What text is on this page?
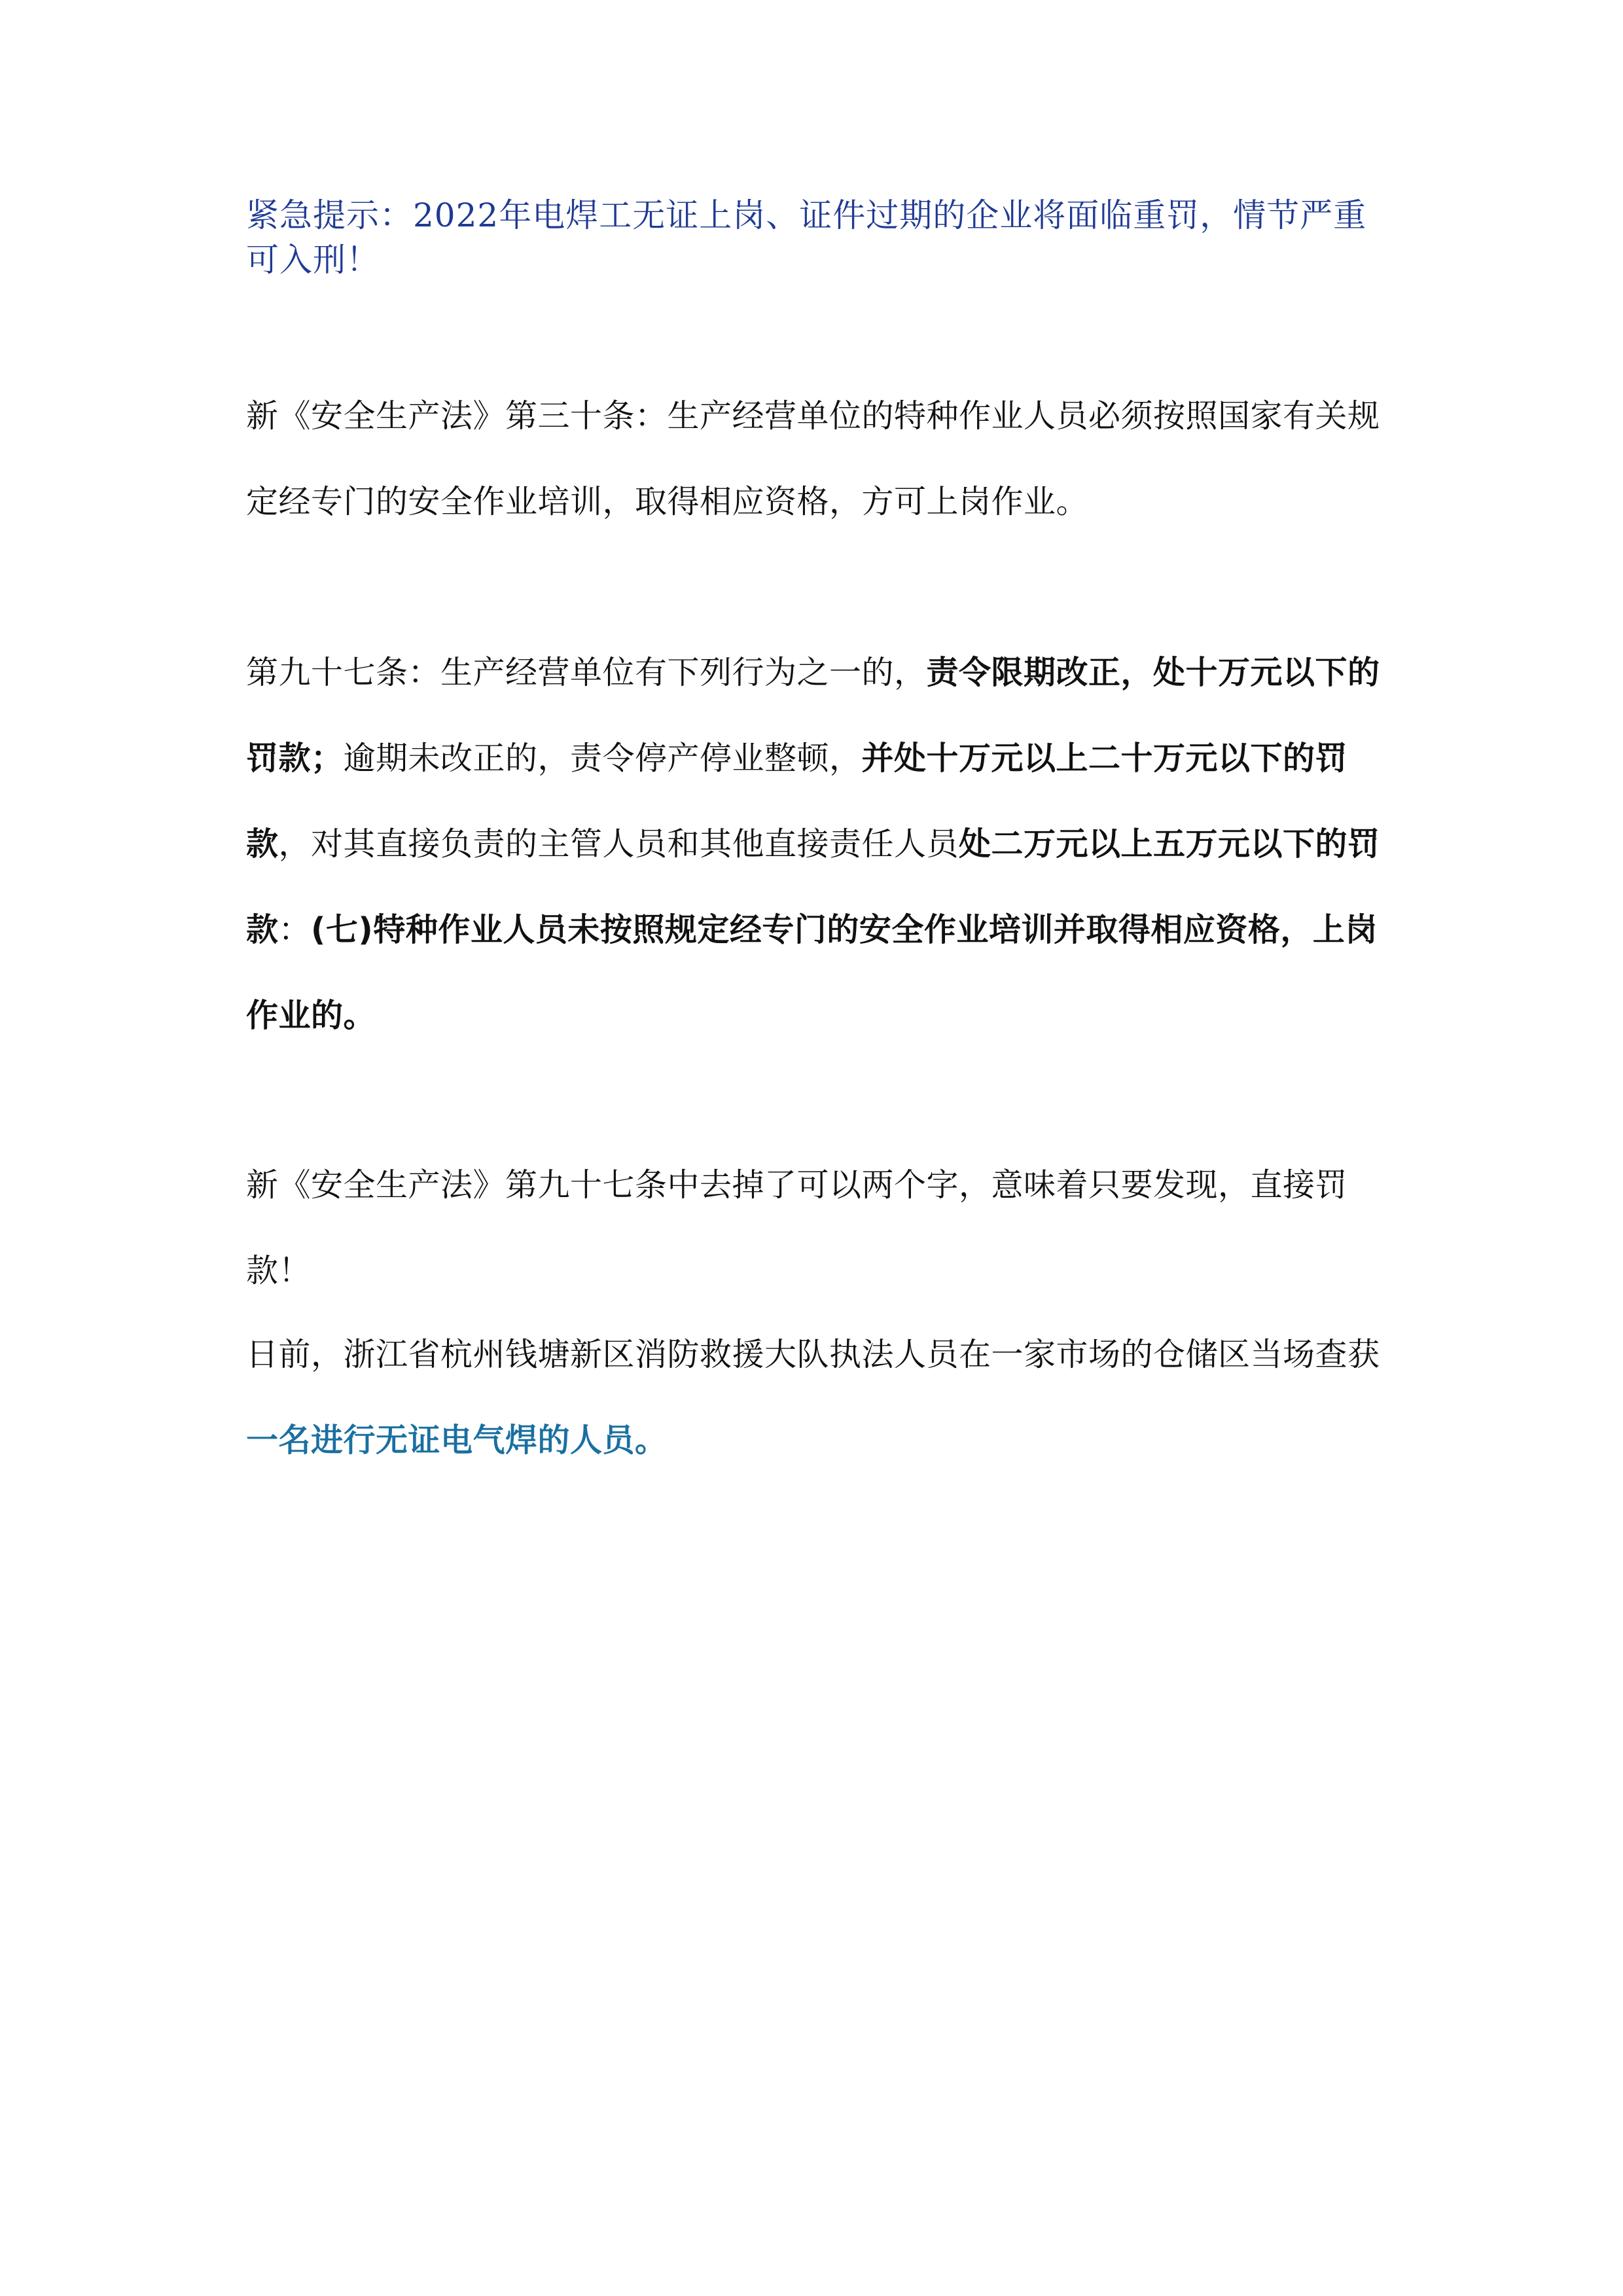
紧急提示：2022年电焊工无证上岗、证件过期的企业将面临重罚，情节严重可入刑！
新《安全生产法》第三十条：生产经营单位的特种作业人员必须按照国家有关规定经专门的安全作业培训，取得相应资格，方可上岗作业。
第九十七条：生产经营单位有下列行为之一的，责令限期改正，处十万元以下的罚款；逾期未改正的，责令停产停业整顿，并处十万元以上二十万元以下的罚款，对其直接负责的主管人员和其他直接责任人员处二万元以上五万元以下的罚款：(七)特种作业人员未按照规定经专门的安全作业培训并取得相应资格，上岗作业的。
新《安全生产法》第九十七条中去掉了可以两个字，意味着只要发现，直接罚款！
日前，浙江省杭州钱塘新区消防救援大队执法人员在一家市场的仓储区当场查获一名进行无证电气焊的人员。
